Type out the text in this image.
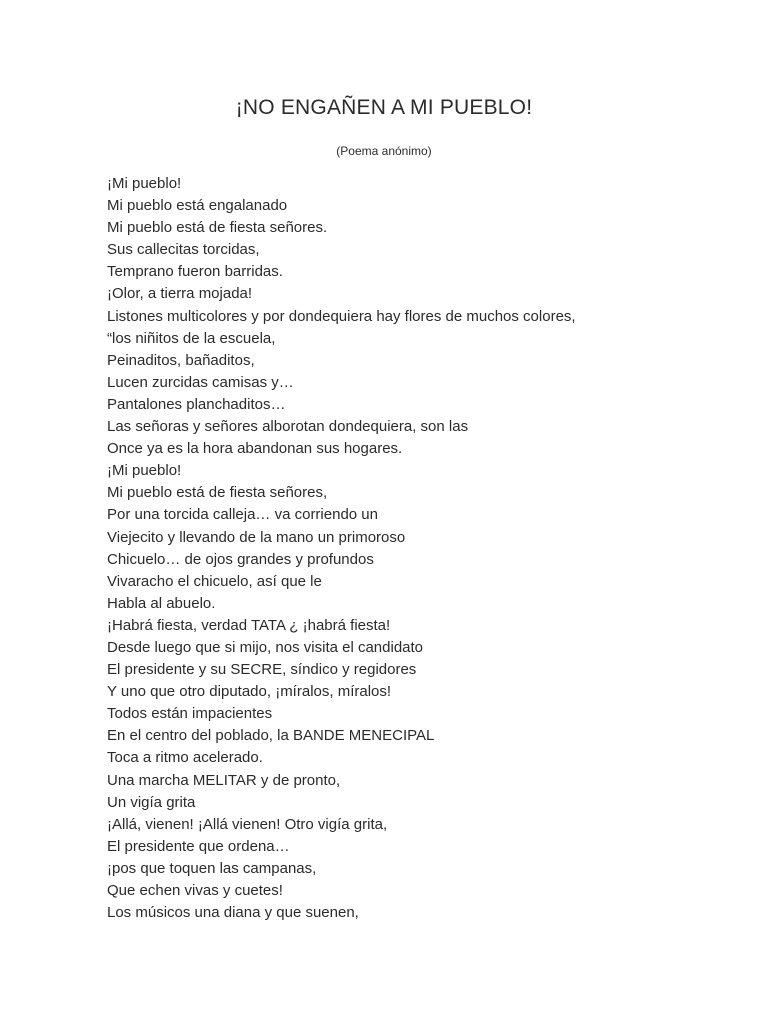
¡NO ENGAÑEN A MI PUEBLO!

(Poema anónimo)

¡Mi pueblo!
Mi pueblo está engalanado
Mi pueblo está de fiesta señores.
Sus callecitas torcidas,
Temprano fueron barridas.
¡Olor, a tierra mojada!
Listones multicolores y por dondequiera hay flores de muchos colores,
“los niñitos de la escuela,
Peinaditos, bañaditos,
Lucen zurcidas camisas y…
Pantalones planchaditos…
Las señoras y señores alborotan dondequiera, son las
Once ya es la hora abandonan sus hogares.
¡Mi pueblo!
Mi pueblo está de fiesta señores,
Por una torcida calleja… va corriendo un
Viejecito y llevando de la mano un primoroso
Chicuelo… de ojos grandes y profundos
Vivaracho el chicuelo, así que le
Habla al abuelo.
¡Habrá fiesta, verdad TATA ¿ ¡habrá fiesta!
Desde luego que si mijo, nos visita el candidato
El presidente y su SECRE, síndico y regidores
Y uno que otro diputado, ¡míralos, míralos!
Todos están impacientes
En el centro del poblado, la BANDE MENECIPAL
Toca a ritmo acelerado.
Una marcha MELITAR y de pronto,
Un vigía grita
¡Allá, vienen! ¡Allá vienen! Otro vigía grita,
El presidente que ordena…
¡pos que toquen las campanas,
Que echen vivas y cuetes!
Los músicos una diana y que suenen,
